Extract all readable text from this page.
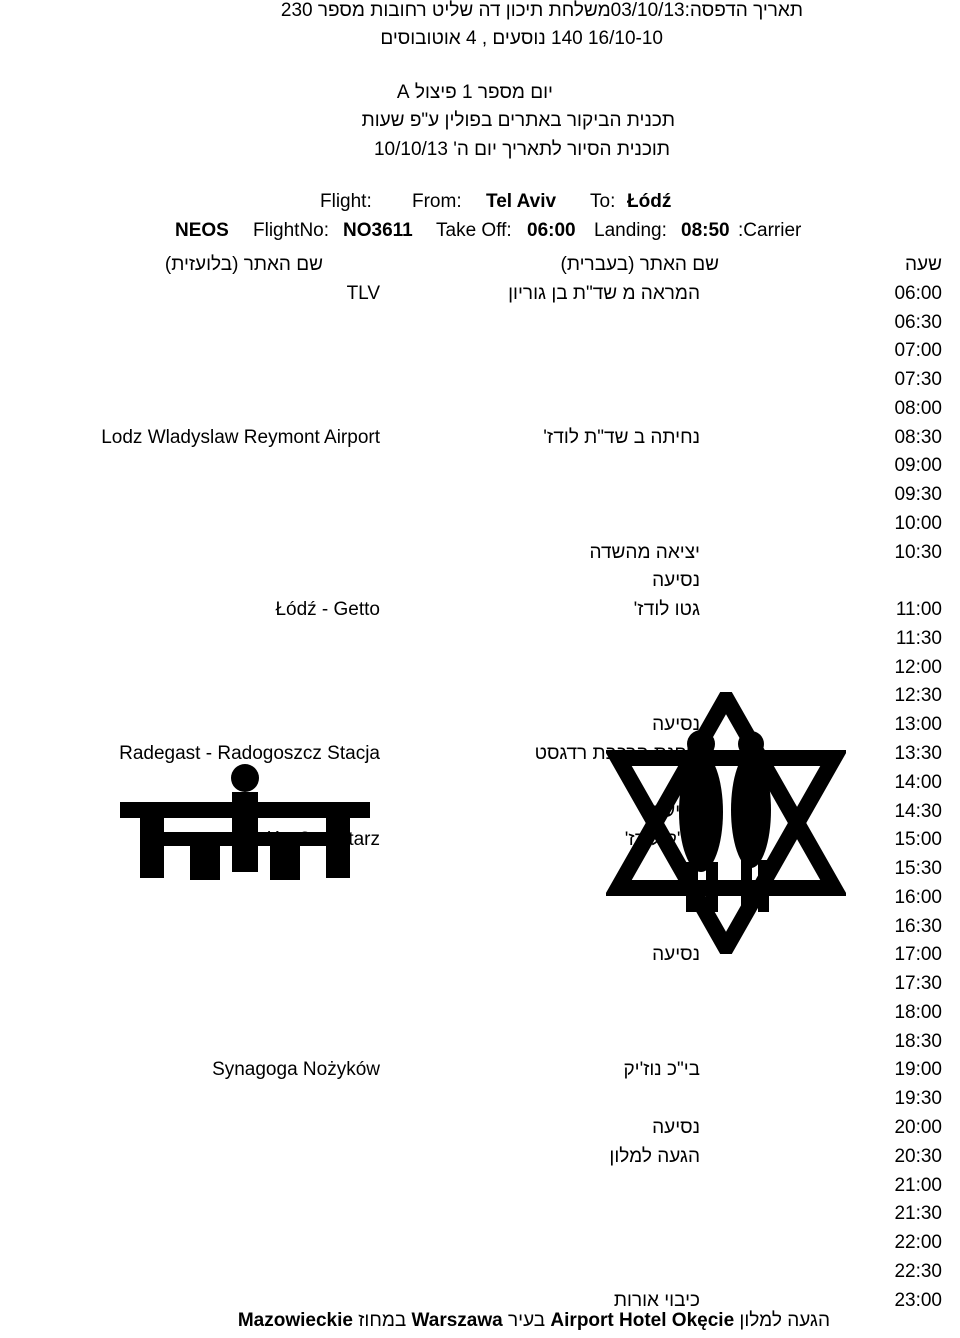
תאריך הדפסה:03/10/13משלחת תיכון דה שליט רחובות מספר 230
16/10-10 140 נוסעים , 4 אוטובוסים
יום מספר 1 פיצול A
תכנית הביקור באתרים בפולין ע"פ שעות
תוכנית הסיור לתאריך יום ה' 10/10/13
Flight: From: Tel Aviv To: Łódź
NEOS FlightNo: NO3611 Take Off: 06:00 Landing: 08:50 :Carrier
שעה
שם האתר (בעברית)
שם האתר (בלועזית)
06:00
המראה מ שד"ת בן גוריון
TLV
06:30
07:00
07:30
08:00
08:30
נחיתה ב שד"ת לודז'
Lodz Wladyslaw Reymont Airport
09:00
09:30
10:00
10:30
יציאה מהשדה
נסיעה
11:00
גטו לודז'
Łódź - Getto
11:30
12:00
12:30
13:00
נסיעה
13:30
תחנת הרכבת רדגסט
Radegast - Radogoszcz Stacja
14:00
14:30
נסיעה
15:00
בי"ק לודז'
Łódź - Cmentarz
15:30
16:00
16:30
17:00
נסיעה
17:30
18:00
18:30
19:00
בי"כ נוז'יק
Synagoga Nożyków
19:30
20:00
נסיעה
20:30
הגעה למלון
21:00
21:30
22:00
22:30
23:00
כיבוי אורות
הגעה למלון Airport Hotel Okęcie בעיר Warszawa במחוז Mazowieckie
